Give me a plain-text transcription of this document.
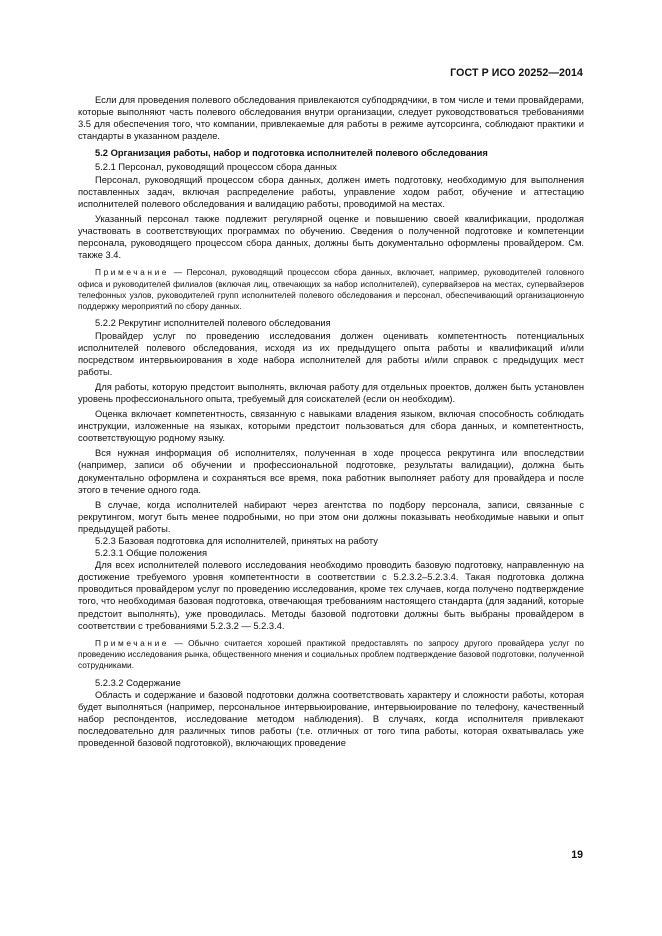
ГОСТ Р ИСО 20252—2014

Если для проведения полевого обследования привлекаются субподрядчики, в том числе и теми провайдерами, которые выполняют часть полевого обследования внутри организации, следует руководствоваться требованиями 3.5 для обеспечения того, что компании, привлекаемые для работы в режиме аутсорсинга, соблюдают практики и стандарты в указанном разделе.

5.2 Организация работы, набор и подготовка исполнителей полевого обследования

5.2.1 Персонал, руководящий процессом сбора данных

Персонал, руководящий процессом сбора данных, должен иметь подготовку, необходимую для выполнения поставленных задач, включая распределение работы, управление ходом работ, обучение и аттестацию исполнителей полевого обследования и валидацию работы, проводимой на местах.

Указанный персонал также подлежит регулярной оценке и повышению своей квалификации, продолжая участвовать в соответствующих программах по обучению. Сведения о полученной подготовке и компетенции персонала, руководящего процессом сбора данных, должны быть документально оформлены провайдером. См. также 3.4.

Примечание — Персонал, руководящий процессом сбора данных, включает, например, руководителей головного офиса и руководителей филиалов (включая лиц, отвечающих за набор исполнителей), супервайзеров на местах, супервайзеров телефонных узлов, руководителей групп исполнителей полевого обследования и персонал, обеспечивающий организационную поддержку мероприятий по сбору данных.

5.2.2 Рекрутинг исполнителей полевого обследования

Провайдер услуг по проведению исследования должен оценивать компетентность потенциальных исполнителей полевого обследования, исходя из их предыдущего опыта работы и квалификаций и/или посредством интервьюирования в ходе набора исполнителей для работы и/или справок с предыдущих мест работы.

Для работы, которую предстоит выполнять, включая работу для отдельных проектов, должен быть установлен уровень профессионального опыта, требуемый для соискателей (если он необходим).

Оценка включает компетентность, связанную с навыками владения языком, включая способность соблюдать инструкции, изложенные на языках, которыми предстоит пользоваться для сбора данных, и компетентность, соответствующую родному языку.

Вся нужная информация об исполнителях, полученная в ходе процесса рекрутинга или впоследствии (например, записи об обучении и профессиональной подготовке, результаты валидации), должна быть документально оформлена и сохраняться все время, пока работник выполняет работу для провайдера и после этого в течение одного года.

В случае, когда исполнителей набирают через агентства по подбору персонала, записи, связанные с рекрутингом, могут быть менее подробными, но при этом они должны показывать необходимые навыки и опыт предыдущей работы.

5.2.3 Базовая подготовка для исполнителей, принятых на работу

5.2.3.1 Общие положения

Для всех исполнителей полевого исследования необходимо проводить базовую подготовку, направленную на достижение требуемого уровня компетентности в соответствии с 5.2.3.2–5.2.3.4. Такая подготовка должна проводиться провайдером услуг по проведению исследования, кроме тех случаев, когда получено подтверждение того, что необходимая базовая подготовка, отвечающая требованиям настоящего стандарта (для заданий, которые предстоит выполнять), уже проводилась. Методы базовой подготовки должны быть выбраны провайдером в соответствии с требованиями 5.2.3.2 — 5.2.3.4.

Примечание — Обычно считается хорошей практикой предоставлять по запросу другого провайдера услуг по проведению исследования рынка, общественного мнения и социальных проблем подтверждение базовой подготовки, полученной сотрудниками.

5.2.3.2 Содержание

Область и содержание и базовой подготовки должна соответствовать характеру и сложности работы, которая будет выполняться (например, персональное интервьюирование, интервьюирование по телефону, качественный набор респондентов, исследование методом наблюдения). В случаях, когда исполнителя привлекают последовательно для различных типов работы (т.е. отличных от того типа работы, которая охватывалась уже проведенной базовой подготовкой), включающих проведение

19
